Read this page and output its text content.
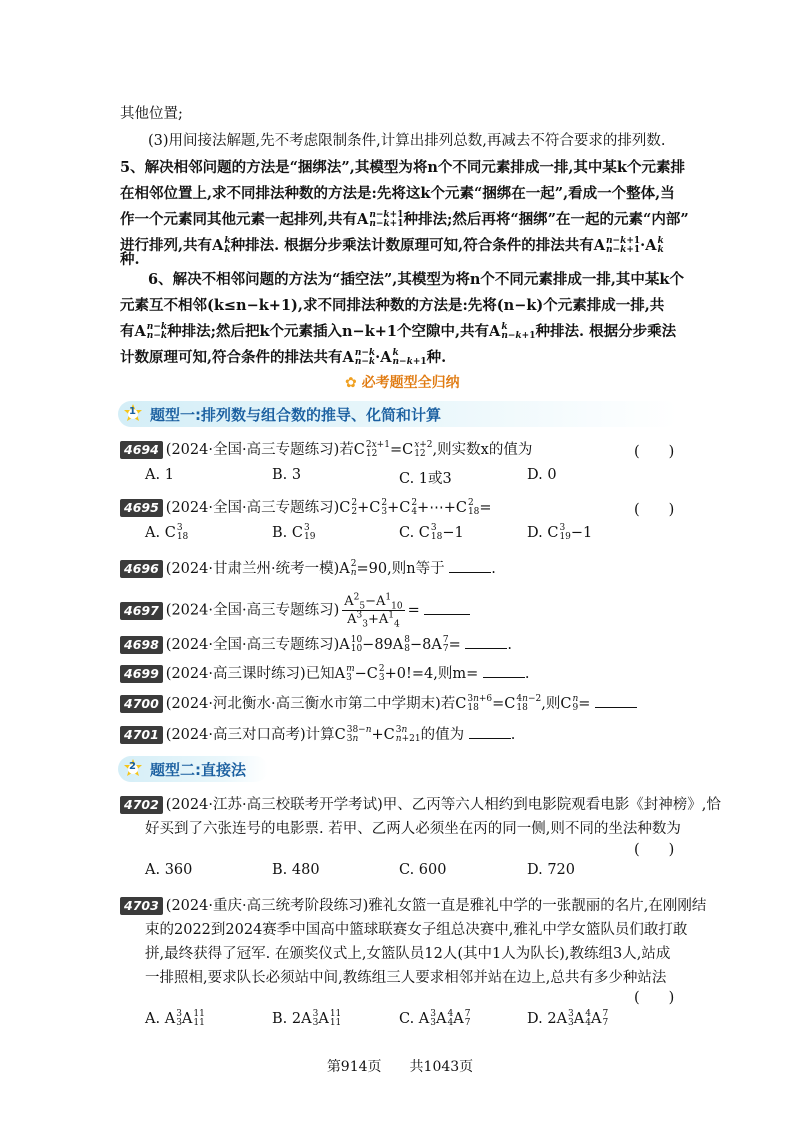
其他位置;
(3)用间接法解题,先不考虑限制条件,计算出排列总数,再减去不符合要求的排列数.
5、解决相邻问题的方法是“捆绑法”,其模型为将n个不同元素排成一排,其中某k个元素排
在相邻位置上,求不同排法种数的方法是:先将这k个元素“捆绑在一起”,看成一个整体,当
作一个元素同其他元素一起排列,共有A n−k+1
n−k+1 种排法;然后再将“捆绑”在一起的元素“内部”
进行排列,共有A k
k 种排法. 根据分步乘法计数原理可知,符合条件的排法共有A n−k+1
n−k+1 ·A k
k
种.
6、解决不相邻问题的方法为“插空法”,其模型为将n个不同元素排成一排,其中某k个
元素互不相邻(k≤n−k+1),求不同排法种数的方法是:先将(n−k)个元素排成一排,共
有A n−k
n−k 种排法;然后把k个元素插入n−k+1个空隙中,共有A k
n−k+1 种排法. 根据分步乘法
计数原理可知,符合条件的排法共有A n−k
n−k ·A k
n−k+1 种.
✿ 必考题型全归纳
1 题型一:排列数与组合数的推导、化简和计算
4694 (2024·全国·高三专题练习)若C 2x+1
12 =C x+2
12 ,则实数x的值为	(　　)
A. 1	B. 3	C. 1或3	D. 0
4695 (2024·全国·高三专题练习)C 2
2 +C 2
3 +C 2
4 +⋯+C 2
18 =	(　　)
A. C 3
18	B. C 3
19	C. C 3
18 −1	D. C 3
19 −1
4696 (2024·甘肃兰州·统考一模)A 2
n =90,则n等于	.
4697 (2024·全国·高三专题练习) $\frac{A^2_5-A^1_{10}}{A^3_3+A^1_4}$ =
4698 (2024·全国·高三专题练习)A 10
10 −89A 8
8 −8A 7
7 =	.
4699 (2024·高三课时练习)已知A m
3 −C 2
3 +0!=4,则m=	.
4700 (2024·河北衡水·高三衡水市第二中学期末)若C 3n+6
18 =C 4n−2
18 ,则C n
9 =
4701 (2024·高三对口高考)计算C 38−n
3n +C 3n
n+21 的值为	.
2 题型二:直接法
4702 (2024·江苏·高三校联考开学考试)甲、乙丙等六人相约到电影院观看电影《封神榜》,恰
好买到了六张连号的电影票. 若甲、乙两人必须坐在丙的同一侧,则不同的坐法种数为
(　　)
A. 360	B. 480	C. 600	D. 720
4703 (2024·重庆·高三统考阶段练习)雅礼女篮一直是雅礼中学的一张靓丽的名片,在刚刚结
束的2022到2024赛季中国高中篮球联赛女子组总决赛中,雅礼中学女篮队员们敢打敢
拼,最终获得了冠军. 在颁奖仪式上,女篮队员12人(其中1人为队长),教练组3人,站成
一排照相,要求队长必须站中间,教练组三人要求相邻并站在边上,总共有多少种站法
(　　)
A. A 3
3 A 11
11	B. 2A 3
3 A 11
11	C. A 3
3 A 4
4 A 7
7	D. 2A 3
3 A 4
4 A 7
7
第914页　　共1043页
